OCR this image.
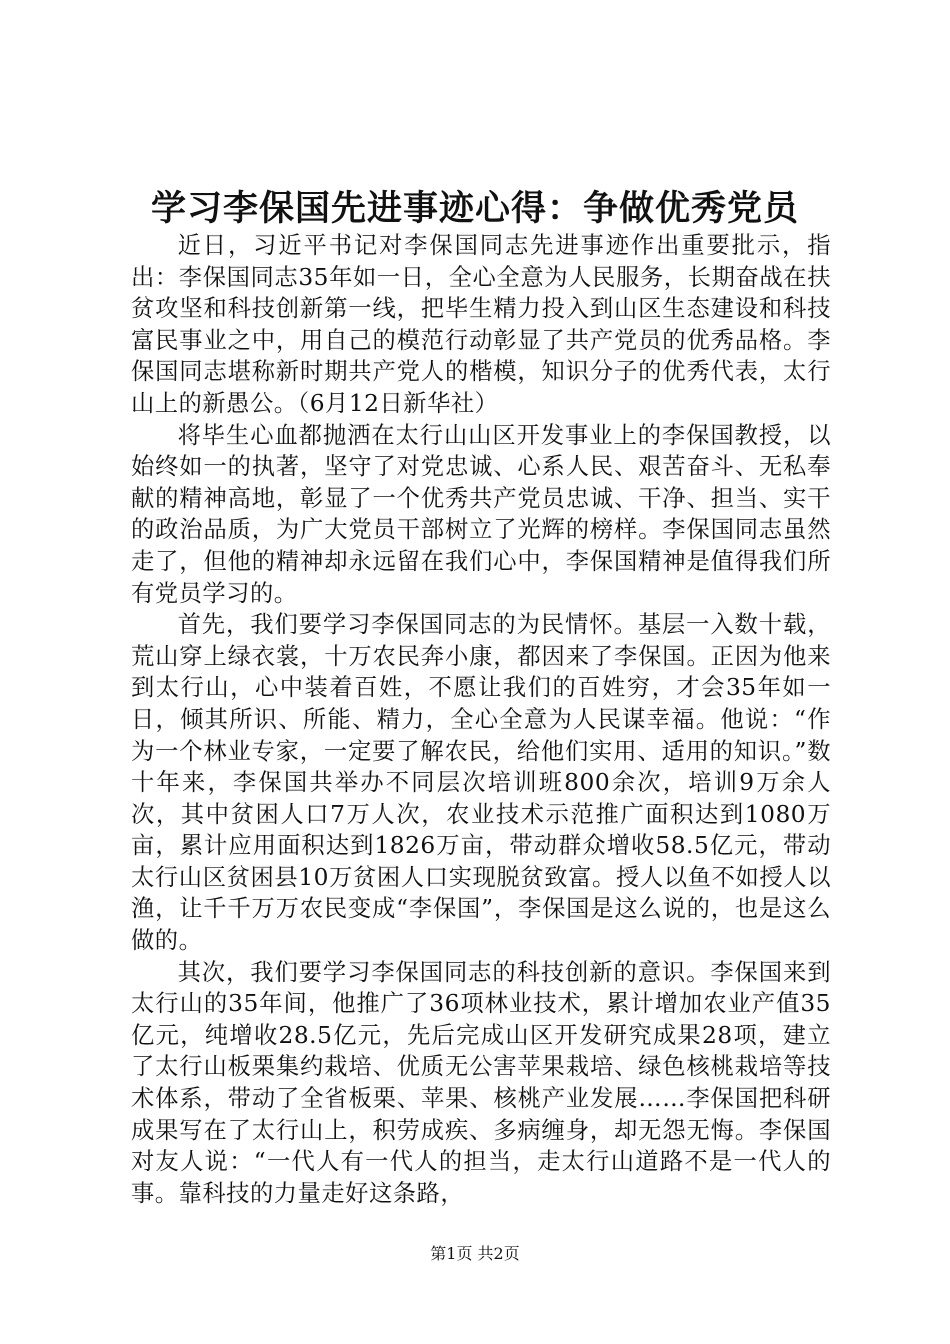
学习李保国先进事迹心得：争做优秀党员

近日，习近平书记对李保国同志先进事迹作出重要批示，指出：李保国同志35年如一日，全心全意为人民服务，长期奋战在扶贫攻坚和科技创新第一线，把毕生精力投入到山区生态建设和科技富民事业之中，用自己的模范行动彰显了共产党员的优秀品格。李保国同志堪称新时期共产党人的楷模，知识分子的优秀代表，太行山上的新愚公。（6月12日新华社）

将毕生心血都抛洒在太行山山区开发事业上的李保国教授，以始终如一的执著，坚守了对党忠诚、心系人民、艰苦奋斗、无私奉献的精神高地，彰显了一个优秀共产党员忠诚、干净、担当、实干的政治品质，为广大党员干部树立了光辉的榜样。李保国同志虽然走了，但他的精神却永远留在我们心中，李保国精神是值得我们所有党员学习的。

首先，我们要学习李保国同志的为民情怀。基层一入数十载，荒山穿上绿衣裳，十万农民奔小康，都因来了李保国。正因为他来到太行山，心中装着百姓，不愿让我们的百姓穷，才会35年如一日，倾其所识、所能、精力，全心全意为人民谋幸福。他说：“作为一个林业专家，一定要了解农民，给他们实用、适用的知识。”数十年来，李保国共举办不同层次培训班800余次，培训9万余人次，其中贫困人口7万人次，农业技术示范推广面积达到1080万亩，累计应用面积达到1826万亩，带动群众增收58.5亿元，带动太行山区贫困县10万贫困人口实现脱贫致富。授人以鱼不如授人以渔，让千千万万农民变成“李保国”，李保国是这么说的，也是这么做的。

其次，我们要学习李保国同志的科技创新的意识。李保国来到太行山的35年间，他推广了36项林业技术，累计增加农业产值35亿元，纯增收28.5亿元，先后完成山区开发研究成果28项，建立了太行山板栗集约栽培、优质无公害苹果栽培、绿色核桃栽培等技术体系，带动了全省板栗、苹果、核桃产业发展……李保国把科研成果写在了太行山上，积劳成疾、多病缠身，却无怨无悔。李保国对友人说：“一代人有一代人的担当，走太行山道路不是一代人的事。靠科技的力量走好这条路，

第1页 共2页
